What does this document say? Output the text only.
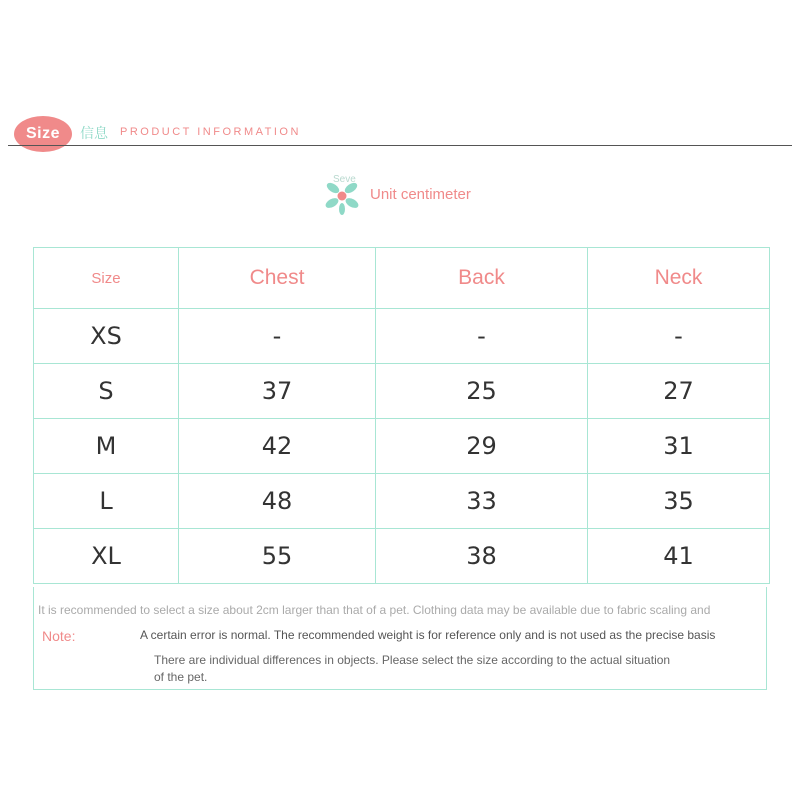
Size	信息 PRODUCT INFORMATION
Seve
Unit centimeter
Size	Chest	Back	Neck
XS	-	-	-
S	37	25	27
M	42	29	31
L	48	33	35
XL	55	38	41
It is recommended to select a size about 2cm larger than that of a pet. Clothing data may be available due to fabric scaling and
Note:	A certain error is normal. The recommended weight is for reference only and is not used as the precise basis
There are individual differences in objects. Please select the size according to the actual situation
of the pet.
